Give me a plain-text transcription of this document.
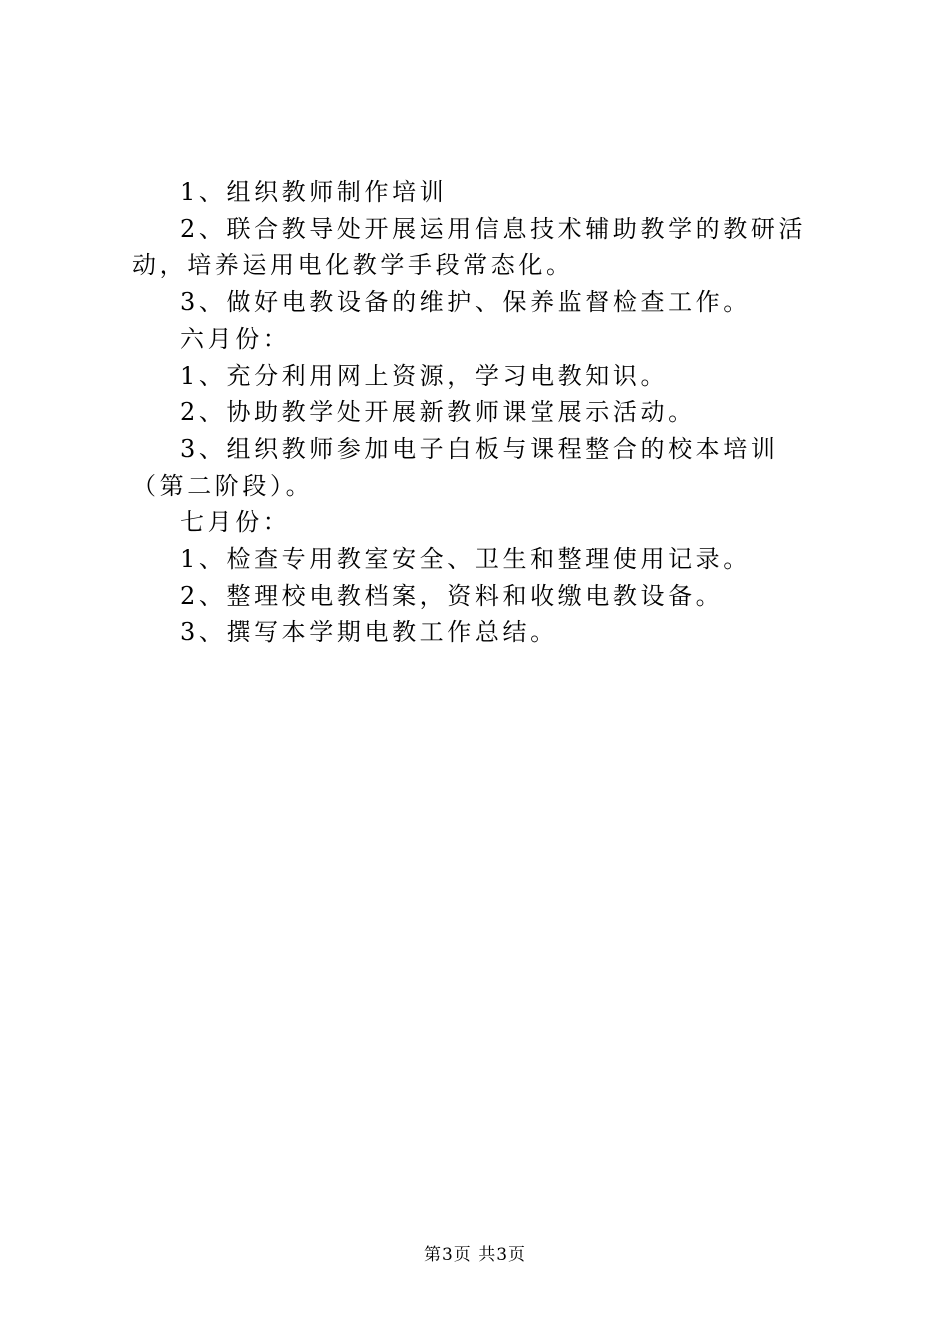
1、组织教师制作培训

2、联合教导处开展运用信息技术辅助教学的教研活动，培养运用电化教学手段常态化。

3、做好电教设备的维护、保养监督检查工作。

六月份：

1、充分利用网上资源，学习电教知识。

2、协助教学处开展新教师课堂展示活动。

3、组织教师参加电子白板与课程整合的校本培训（第二阶段）。

七月份：

1、检查专用教室安全、卫生和整理使用记录。

2、整理校电教档案，资料和收缴电教设备。

3、撰写本学期电教工作总结。

第3页 共3页
